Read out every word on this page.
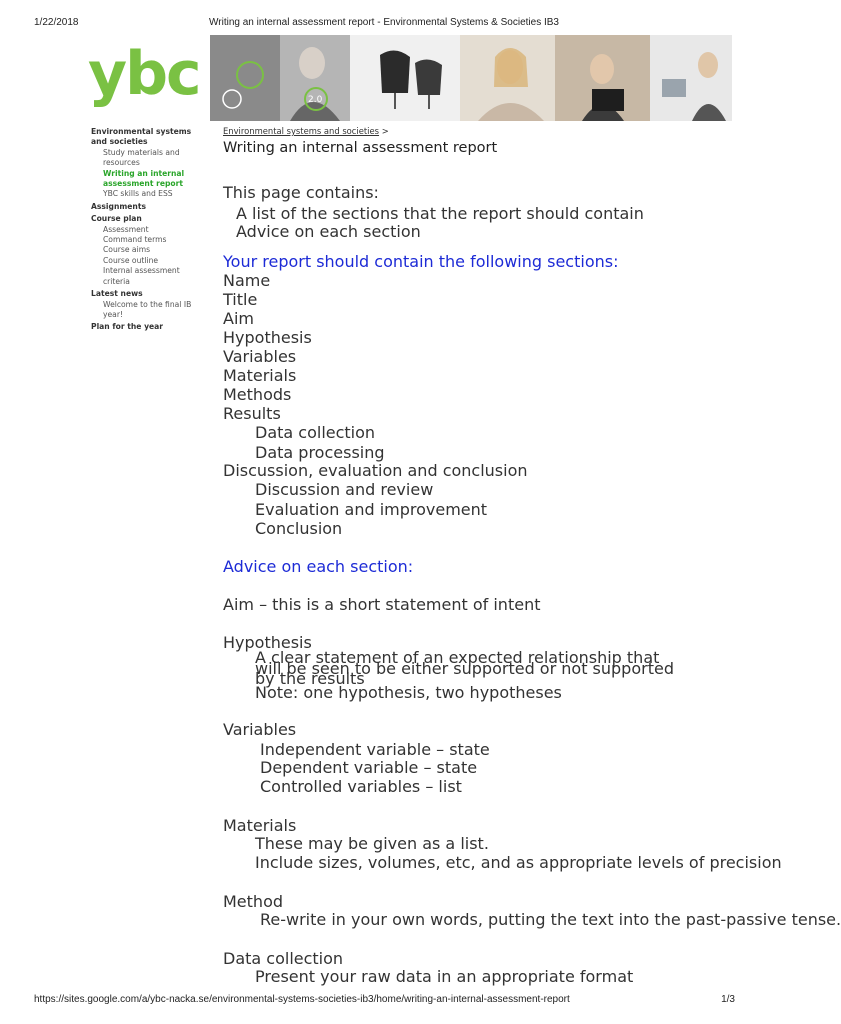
1/22/2018	Writing an internal assessment report - Environmental Systems & Societies IB3
ybc	2.0
Environmental systems and societies
Study materials and resources
Writing an internal assessment report
YBC skills and ESS
Assignments
Course plan
Assessment
Command terms
Course aims
Course outline
Internal assessment criteria
Latest news
Welcome to the final IB year!
Plan for the year
Environmental systems and societies >
Writing an internal assessment report
This page contains:
A list of the sections that the report should contain
Advice on each section
Your report should contain the following sections:
Name
Title
Aim
Hypothesis
Variables
Materials
Methods
Results
Data collection
Data processing
Discussion, evaluation and conclusion
Discussion and review
Evaluation and improvement
Conclusion
Advice on each section:
Aim – this is a short statement of intent
Hypothesis
A clear statement of an expected relationship that will be seen to be either supported or not supported by the results
Note: one hypothesis, two hypotheses
Variables
Independent variable – state
Dependent variable – state
Controlled variables – list
Materials
These may be given as a list.
Include sizes, volumes, etc, and as appropriate levels of precision
Method
Re-write in your own words, putting the text into the past-passive tense.
Data collection
Present your raw data in an appropriate format
https://sites.google.com/a/ybc-nacka.se/environmental-systems-societies-ib3/home/writing-an-internal-assessment-report	1/3
